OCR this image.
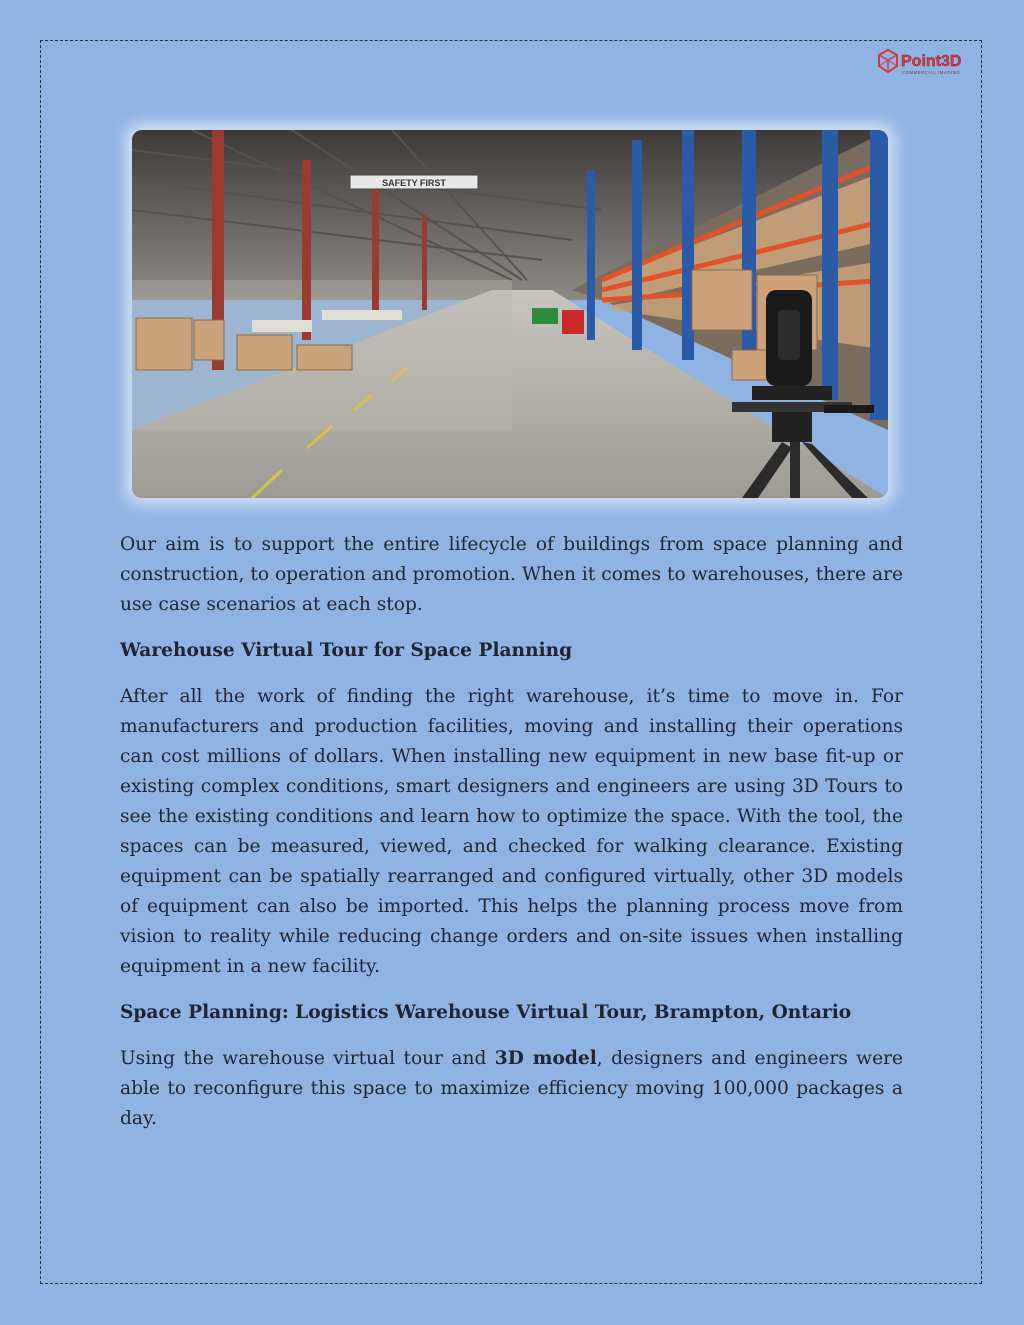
Point3D
COMMERCIAL IMAGING
SAFETY FIRST

Our aim is to support the entire lifecycle of buildings from space planning and construction, to operation and promotion. When it comes to warehouses, there are use case scenarios at each stop.

Warehouse Virtual Tour for Space Planning

After all the work of finding the right warehouse, it’s time to move in. For manufacturers and production facilities, moving and installing their operations can cost millions of dollars. When installing new equipment in new base fit-up or existing complex conditions, smart designers and engineers are using 3D Tours to see the existing conditions and learn how to optimize the space. With the tool, the spaces can be measured, viewed, and checked for walking clearance. Existing equipment can be spatially rearranged and configured virtually, other 3D models of equipment can also be imported. This helps the planning process move from vision to reality while reducing change orders and on-site issues when installing equipment in a new facility.

Space Planning: Logistics Warehouse Virtual Tour, Brampton, Ontario

Using the warehouse virtual tour and 3D model, designers and engineers were able to reconfigure this space to maximize efficiency moving 100,000 packages a day.
